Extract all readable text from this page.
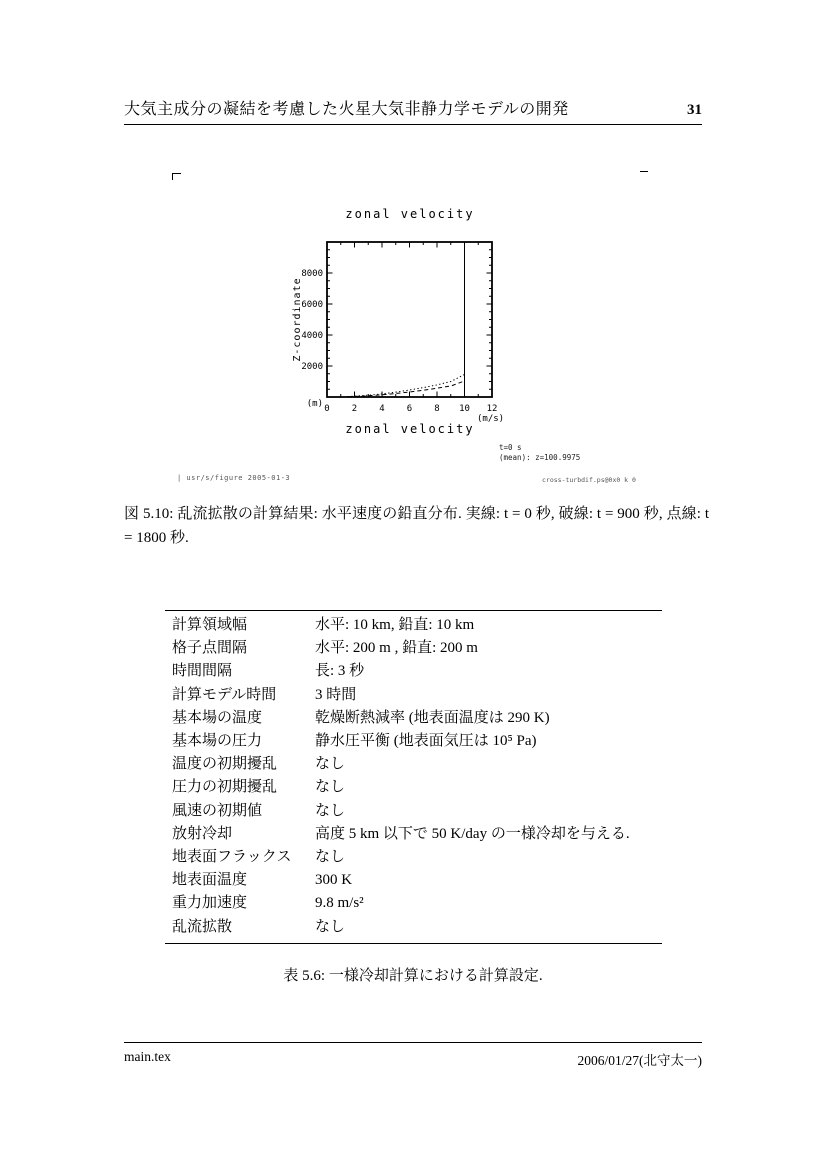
大気主成分の凝結を考慮した火星大気非静力学モデルの開発	31
zonal velocity
0 2 4 6 8 10 12
2000
4000
6000
8000
Z-coordinate
(m)
(m/s)
zonal velocity
t=0 s
(mean): z=100.9975
| usr/s/figure 2005-01-3	cross-turbdif.ps@0x0 k 0
図 5.10: 乱流拡散の計算結果: 水平速度の鉛直分布. 実線: t = 0 秒, 破線: t = 900 秒, 点線: t = 1800 秒.
計算領域幅	水平: 10 km, 鉛直: 10 km
格子点間隔	水平: 200 m , 鉛直: 200 m
時間間隔	長: 3 秒
計算モデル時間	3 時間
基本場の温度	乾燥断熱減率 (地表面温度は 290 K)
基本場の圧力	静水圧平衡 (地表面気圧は 10⁵ Pa)
温度の初期擾乱	なし
圧力の初期擾乱	なし
風速の初期値	なし
放射冷却	高度 5 km 以下で 50 K/day の一様冷却を与える.
地表面フラックス	なし
地表面温度	300 K
重力加速度	9.8 m/s²
乱流拡散	なし
表 5.6: 一様冷却計算における計算設定.
main.tex	2006/01/27(北守太一)
